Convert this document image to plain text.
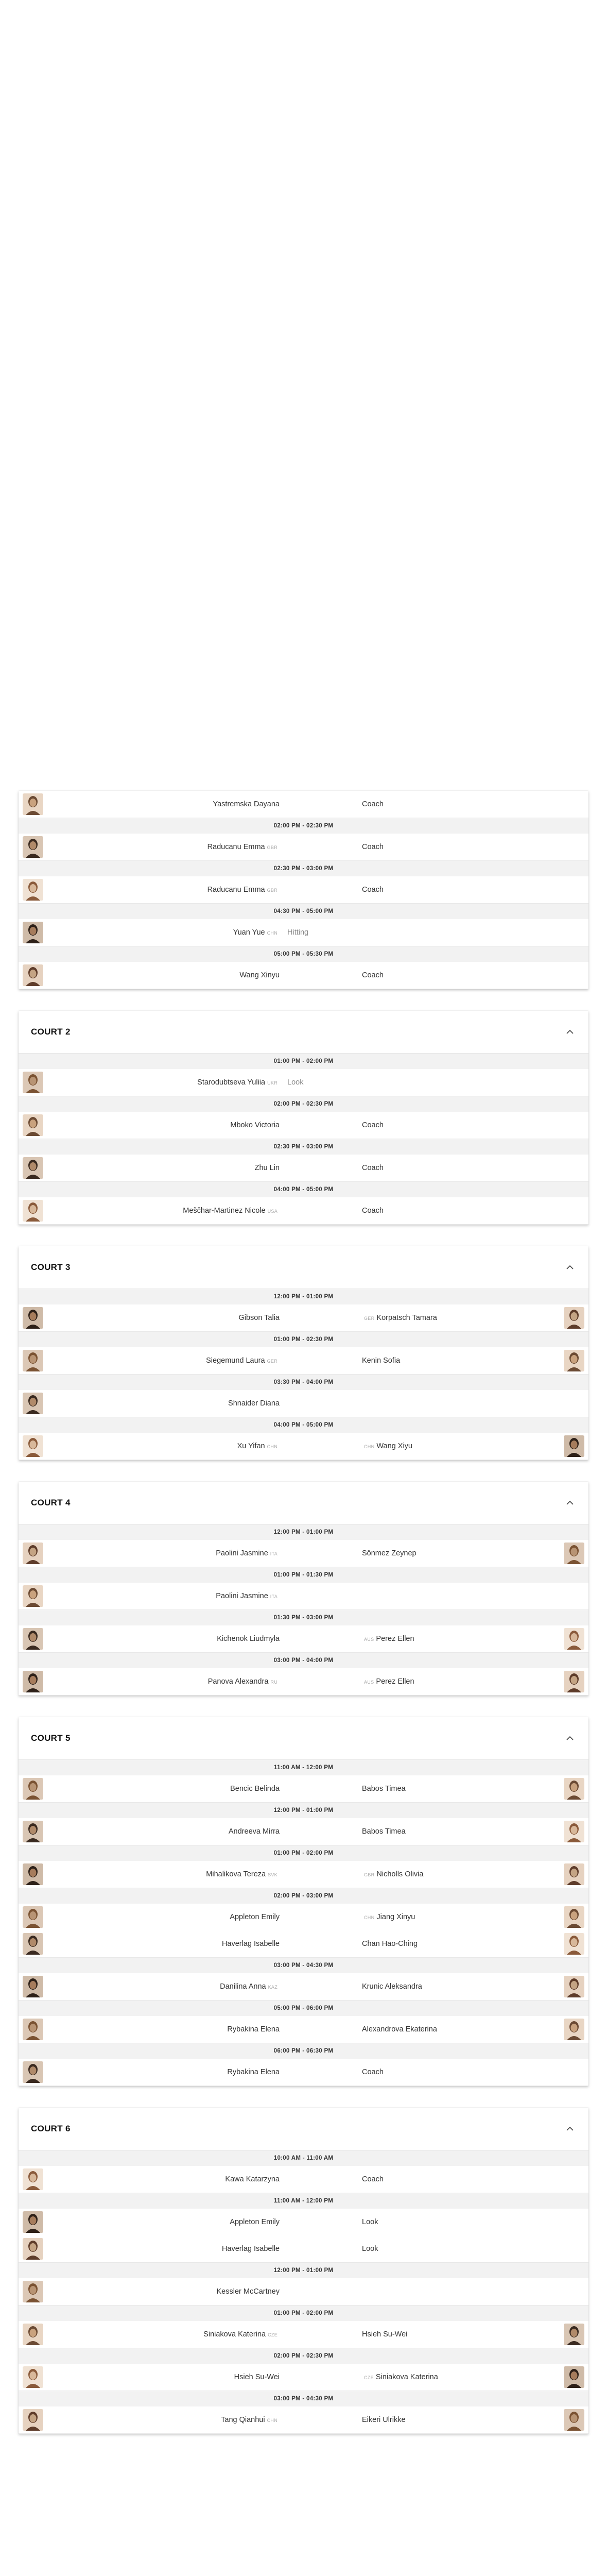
Yastremska Dayana	Coach
02:00 PM - 02:30 PM
Raducanu Emma GBR	Coach
02:30 PM - 03:00 PM
Raducanu Emma GBR	Coach
04:30 PM - 05:00 PM
Yuan Yue CHN Hitting
05:00 PM - 05:30 PM
Wang Xinyu	Coach
COURT 2
01:00 PM - 02:00 PM
Starodubtseva Yuliia UKR Look
02:00 PM - 02:30 PM
Mboko Victoria	Coach
02:30 PM - 03:00 PM
Zhu Lin	Coach
04:00 PM - 05:00 PM
Meščhar-Martinez Nicole USA	Coach
COURT 3
12:00 PM - 01:00 PM
Gibson Talia	GER Korpatsch Tamara
01:00 PM - 02:30 PM
Siegemund Laura GER	Kenin Sofia
03:30 PM - 04:00 PM
Shnaider Diana
04:00 PM - 05:00 PM
Xu Yifan CHN	CHN Wang Xiyu
COURT 4
12:00 PM - 01:00 PM
Paolini Jasmine ITA	Sönmez Zeynep
01:00 PM - 01:30 PM
Paolini Jasmine ITA
01:30 PM - 03:00 PM
Kichenok Liudmyla	AUS Perez Ellen
03:00 PM - 04:00 PM
Panova Alexandra RU	AUS Perez Ellen
COURT 5
11:00 AM - 12:00 PM
Bencic Belinda	Babos Timea
12:00 PM - 01:00 PM
Andreeva Mirra	Babos Timea
01:00 PM - 02:00 PM
Mihalikova Tereza SVK	GBR Nicholls Olivia
02:00 PM - 03:00 PM
Appleton Emily	CHN Jiang Xinyu
Haverlag Isabelle	Chan Hao-Ching
03:00 PM - 04:30 PM
Danilina Anna KAZ	Krunic Aleksandra
05:00 PM - 06:00 PM
Rybakina Elena	Alexandrova Ekaterina
06:00 PM - 06:30 PM
Rybakina Elena	Coach
COURT 6
10:00 AM - 11:00 AM
Kawa Katarzyna	Coach
11:00 AM - 12:00 PM
Appleton Emily	Look
Haverlag Isabelle	Look
12:00 PM - 01:00 PM
Kessler McCartney
01:00 PM - 02:00 PM
Siniakova Katerina CZE	Hsieh Su-Wei
02:00 PM - 02:30 PM
Hsieh Su-Wei	CZE Siniakova Katerina
03:00 PM - 04:30 PM
Tang Qianhui CHN	Eikeri Ulrikke
